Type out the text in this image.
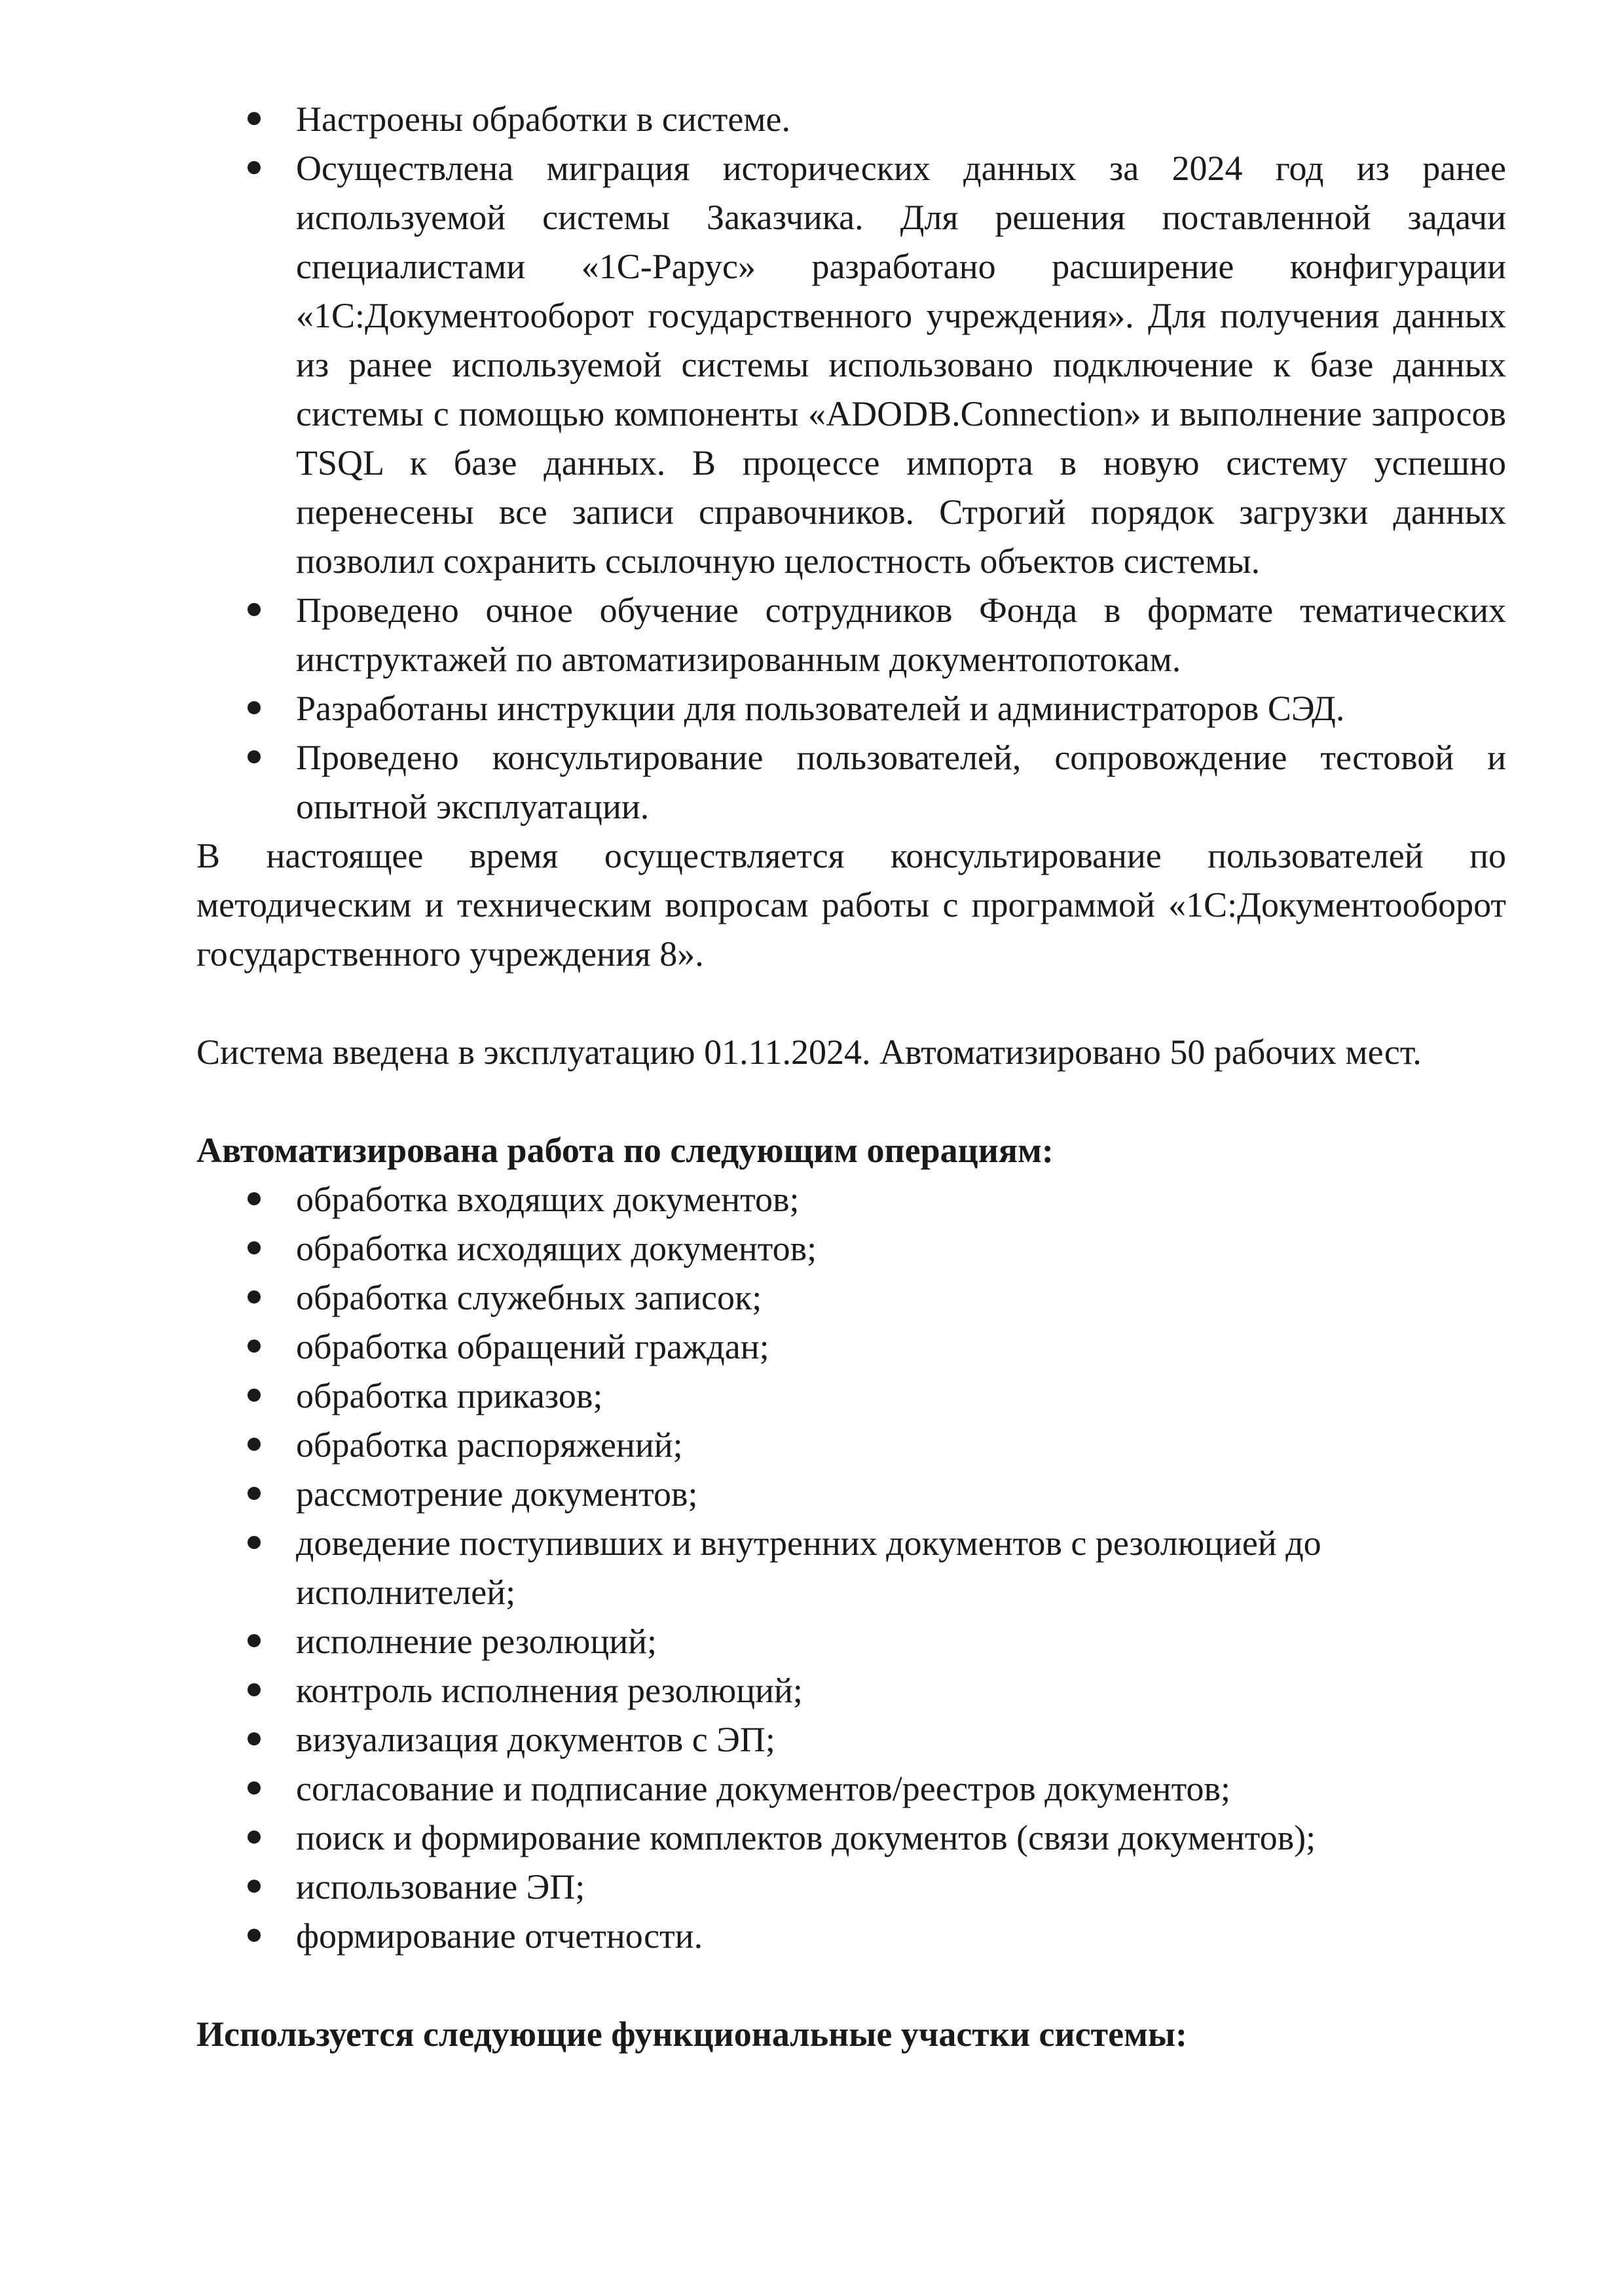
Настроены обработки в системе.
Осуществлена миграция исторических данных за 2024 год из ранее используемой системы Заказчика. Для решения поставленной задачи специалистами «1С-Рарус» разработано расширение конфигурации «1С:Документооборот государственного учреждения». Для получения данных из ранее используемой системы использовано подключение к базе данных системы с помощью компоненты «ADODB.Connection» и выполнение запросов TSQL к базе данных. В процессе импорта в новую систему успешно перенесены все записи справочников. Строгий порядок загрузки данных позволил сохранить ссылочную целостность объектов системы.
Проведено очное обучение сотрудников Фонда в формате тематических инструктажей по автоматизированным документопотокам.
Разработаны инструкции для пользователей и администраторов СЭД.
Проведено консультирование пользователей, сопровождение тестовой и опытной эксплуатации.

В настоящее время осуществляется консультирование пользователей по методическим и техническим вопросам работы с программой «1С:Документооборот государственного учреждения 8».

Система введена в эксплуатацию 01.11.2024. Автоматизировано 50 рабочих мест.

Автоматизирована работа по следующим операциям:

обработка входящих документов;
обработка исходящих документов;
обработка служебных записок;
обработка обращений граждан;
обработка приказов;
обработка распоряжений;
рассмотрение документов;
доведение поступивших и внутренних документов с резолюцией до исполнителей;
исполнение резолюций;
контроль исполнения резолюций;
визуализация документов с ЭП;
согласование и подписание документов/реестров документов;
поиск и формирование комплектов документов (связи документов);
использование ЭП;
формирование отчетности.

Используется следующие функциональные участки системы:
